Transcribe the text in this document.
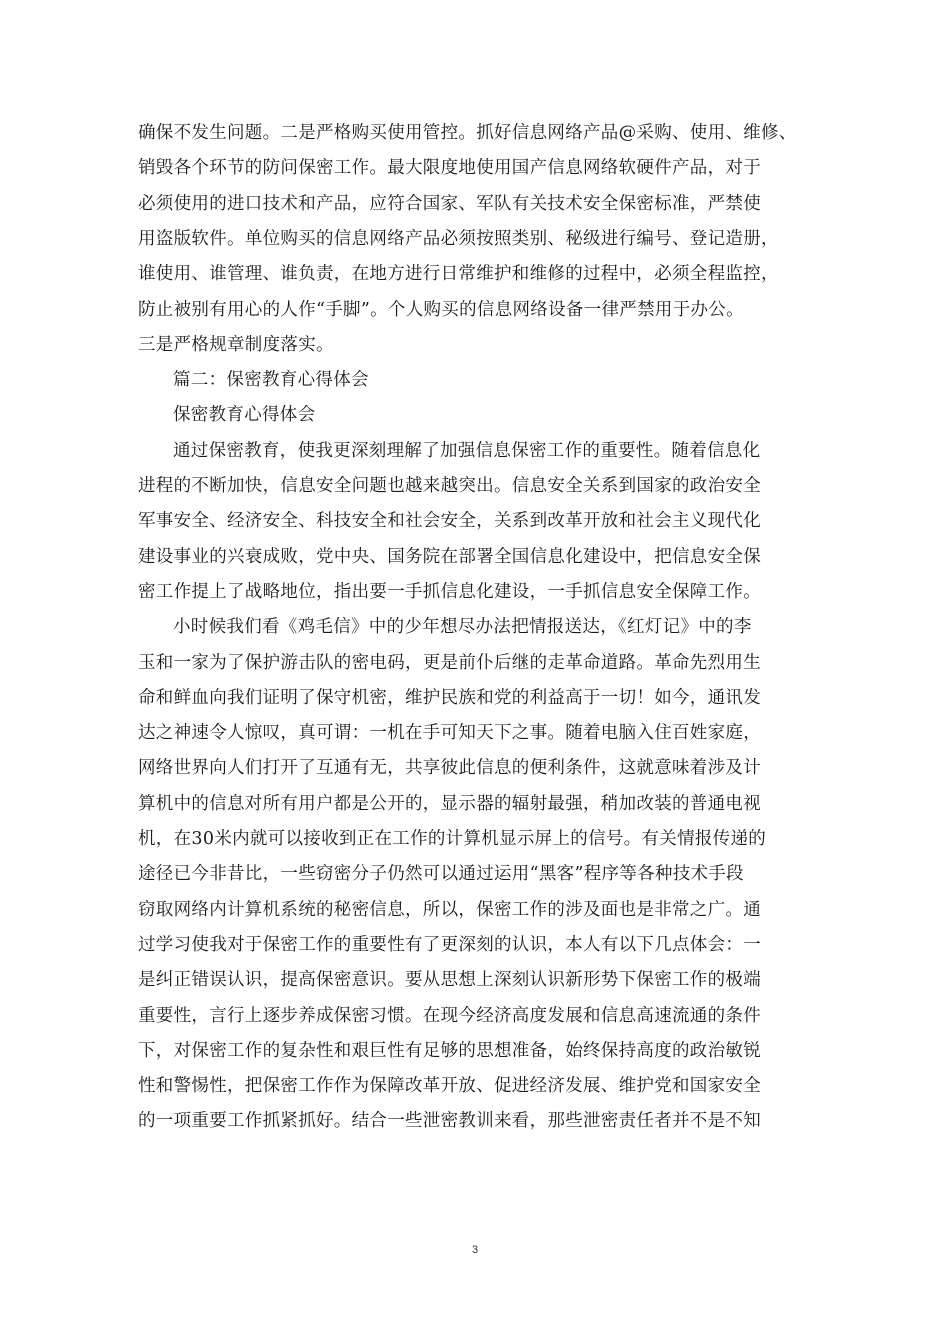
确保不发生问题。二是严格购买使用管控。抓好信息网络产品@采购、使用、维修、
销毁各个环节的防问保密工作。最大限度地使用国产信息网络软硬件产品，对于
必须使用的进口技术和产品，应符合国家、军队有关技术安全保密标准，严禁使
用盗版软件。单位购买的信息网络产品必须按照类别、秘级进行编号、登记造册，
谁使用、谁管理、谁负责，在地方进行日常维护和维修的过程中，必须全程监控，
防止被别有用心的人作“手脚”。个人购买的信息网络设备一律严禁用于办公。
三是严格规章制度落实。
篇二：保密教育心得体会
保密教育心得体会
通过保密教育，使我更深刻理解了加强信息保密工作的重要性。随着信息化
进程的不断加快，信息安全问题也越来越突出。信息安全关系到国家的政治安全
军事安全、经济安全、科技安全和社会安全，关系到改革开放和社会主义现代化
建设事业的兴衰成败，党中央、国务院在部署全国信息化建设中，把信息安全保
密工作提上了战略地位，指出要一手抓信息化建设，一手抓信息安全保障工作。
小时候我们看《鸡毛信》中的少年想尽办法把情报送达，《红灯记》中的李
玉和一家为了保护游击队的密电码，更是前仆后继的走革命道路。革命先烈用生
命和鲜血向我们证明了保守机密，维护民族和党的利益高于一切！如今，通讯发
达之神速令人惊叹，真可谓：一机在手可知天下之事。随着电脑入住百姓家庭，
网络世界向人们打开了互通有无，共享彼此信息的便利条件，这就意味着涉及计
算机中的信息对所有用户都是公开的，显示器的辐射最强，稍加改装的普通电视
机，在30米内就可以接收到正在工作的计算机显示屏上的信号。有关情报传递的
途径已今非昔比，一些窃密分子仍然可以通过运用“黑客”程序等各种技术手段
窃取网络内计算机系统的秘密信息，所以，保密工作的涉及面也是非常之广。通
过学习使我对于保密工作的重要性有了更深刻的认识，本人有以下几点体会：一
是纠正错误认识，提高保密意识。要从思想上深刻认识新形势下保密工作的极端
重要性，言行上逐步养成保密习惯。在现今经济高度发展和信息高速流通的条件
下，对保密工作的复杂性和艰巨性有足够的思想准备，始终保持高度的政治敏锐
性和警惕性，把保密工作作为保障改革开放、促进经济发展、维护党和国家安全
的一项重要工作抓紧抓好。结合一些泄密教训来看，那些泄密责任者并不是不知
3
